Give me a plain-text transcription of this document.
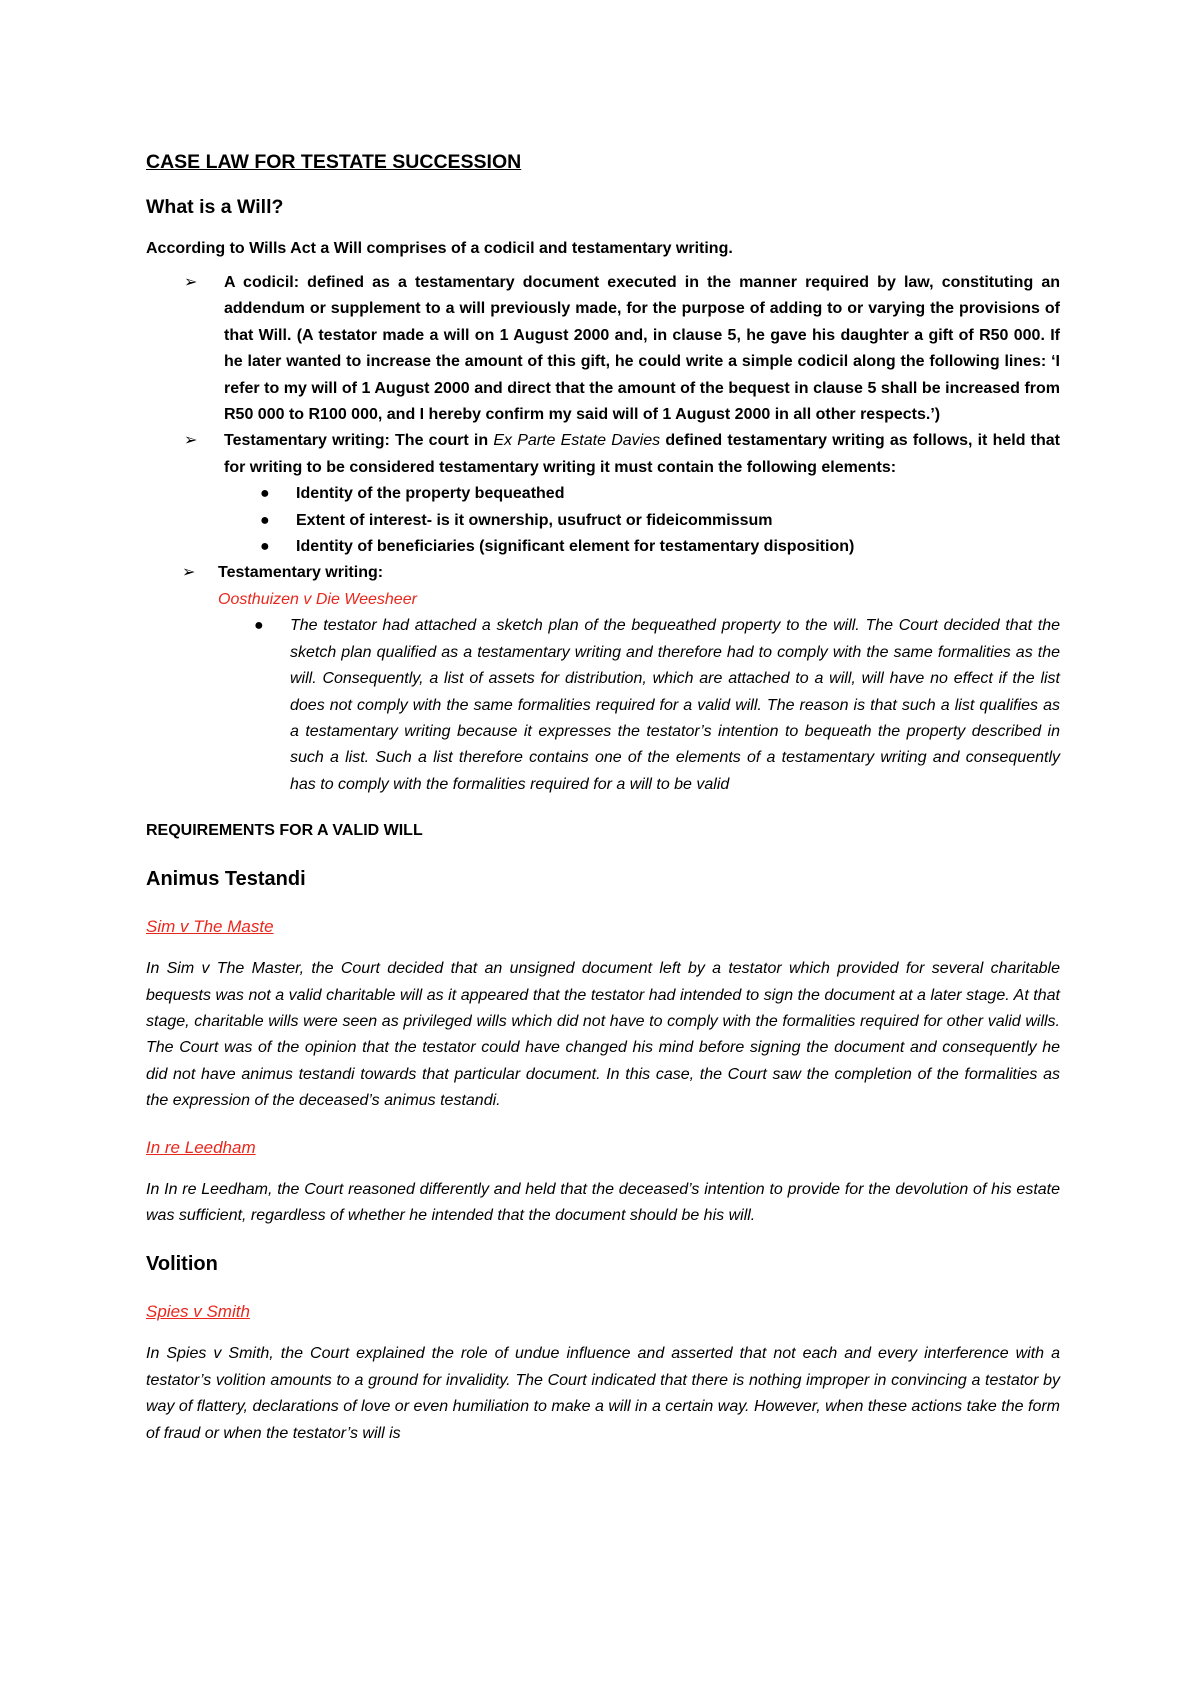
CASE LAW FOR TESTATE SUCCESSION
What is a Will?

According to Wills Act a Will comprises of a codicil and testamentary writing.

➢ A codicil: defined as a testamentary document executed in the manner required by law, constituting an addendum or supplement to a will previously made, for the purpose of adding to or varying the provisions of that Will. (A testator made a will on 1 August 2000 and, in clause 5, he gave his daughter a gift of R50 000. If he later wanted to increase the amount of this gift, he could write a simple codicil along the following lines: ‘I refer to my will of 1 August 2000 and direct that the amount of the bequest in clause 5 shall be increased from R50 000 to R100 000, and I hereby confirm my said will of 1 August 2000 in all other respects.’)
➢ Testamentary writing: The court in Ex Parte Estate Davies defined testamentary writing as follows, it held that for writing to be considered testamentary writing it must contain the following elements:
● Identity of the property bequeathed
● Extent of interest- is it ownership, usufruct or fideicommissum
● Identity of beneficiaries (significant element for testamentary disposition)
➢ Testamentary writing:
Oosthuizen v Die Weesheer
● The testator had attached a sketch plan of the bequeathed property to the will. The Court decided that the sketch plan qualified as a testamentary writing and therefore had to comply with the same formalities as the will. Consequently, a list of assets for distribution, which are attached to a will, will have no effect if the list does not comply with the same formalities required for a valid will. The reason is that such a list qualifies as a testamentary writing because it expresses the testator’s intention to bequeath the property described in such a list. Such a list therefore contains one of the elements of a testamentary writing and consequently has to comply with the formalities required for a will to be valid

REQUIREMENTS FOR A VALID WILL

Animus Testandi

Sim v The Maste

In Sim v The Master, the Court decided that an unsigned document left by a testator which provided for several charitable bequests was not a valid charitable will as it appeared that the testator had intended to sign the document at a later stage. At that stage, charitable wills were seen as privileged wills which did not have to comply with the formalities required for other valid wills. The Court was of the opinion that the testator could have changed his mind before signing the document and consequently he did not have animus testandi towards that particular document. In this case, the Court saw the completion of the formalities as the expression of the deceased’s animus testandi.

In re Leedham

In In re Leedham, the Court reasoned differently and held that the deceased’s intention to provide for the devolution of his estate was sufficient, regardless of whether he intended that the document should be his will.

Volition

Spies v Smith

In Spies v Smith, the Court explained the role of undue influence and asserted that not each and every interference with a testator’s volition amounts to a ground for invalidity. The Court indicated that there is nothing improper in convincing a testator by way of flattery, declarations of love or even humiliation to make a will in a certain way. However, when these actions take the form of fraud or when the testator’s will is
